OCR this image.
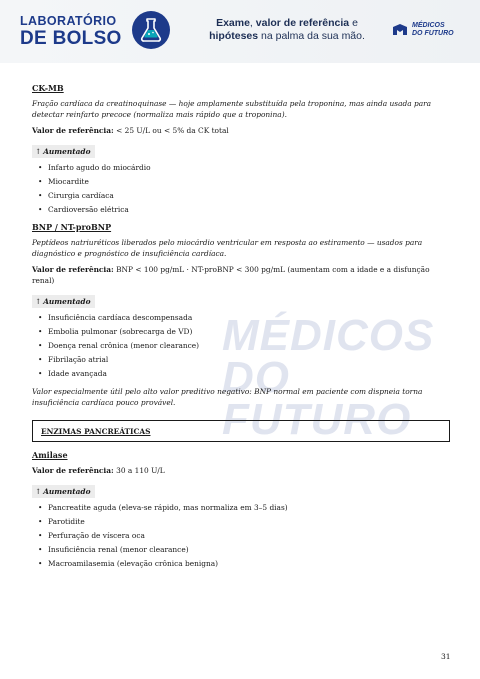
LABORATÓRIO
DE BOLSO
Exame, valor de referência e
hipóteses na palma da sua mão.
MÉDICOS
DO FUTURO
MÉDICOS
DO FUTURO
CK-MB
Fração cardíaca da creatinoquinase — hoje amplamente substituída pela troponina, mas ainda usada para detectar reinfarto precoce (normaliza mais rápido que a troponina).
Valor de referência: < 25 U/L ou < 5% da CK total
↑ Aumentado
• Infarto agudo do miocárdio
• Miocardite
• Cirurgia cardíaca
• Cardioversão elétrica
BNP / NT-proBNP
Peptídeos natriuréticos liberados pelo miocárdio ventricular em resposta ao estiramento — usados para diagnóstico e prognóstico de insuficiência cardíaca.
Valor de referência: BNP < 100 pg/mL · NT-proBNP < 300 pg/mL (aumentam com a idade e a disfunção renal)
↑ Aumentado
• Insuficiência cardíaca descompensada
• Embolia pulmonar (sobrecarga de VD)
• Doença renal crônica (menor clearance)
• Fibrilação atrial
• Idade avançada
Valor especialmente útil pelo alto valor preditivo negativo: BNP normal em paciente com dispneia torna insuficiência cardíaca pouco provável.
ENZIMAS PANCREÁTICAS
Amilase
Valor de referência: 30 a 110 U/L
↑ Aumentado
• Pancreatite aguda (eleva-se rápido, mas normaliza em 3–5 dias)
• Parotidite
• Perfuração de víscera oca
• Insuficiência renal (menor clearance)
• Macroamilasemia (elevação crônica benigna)
31
